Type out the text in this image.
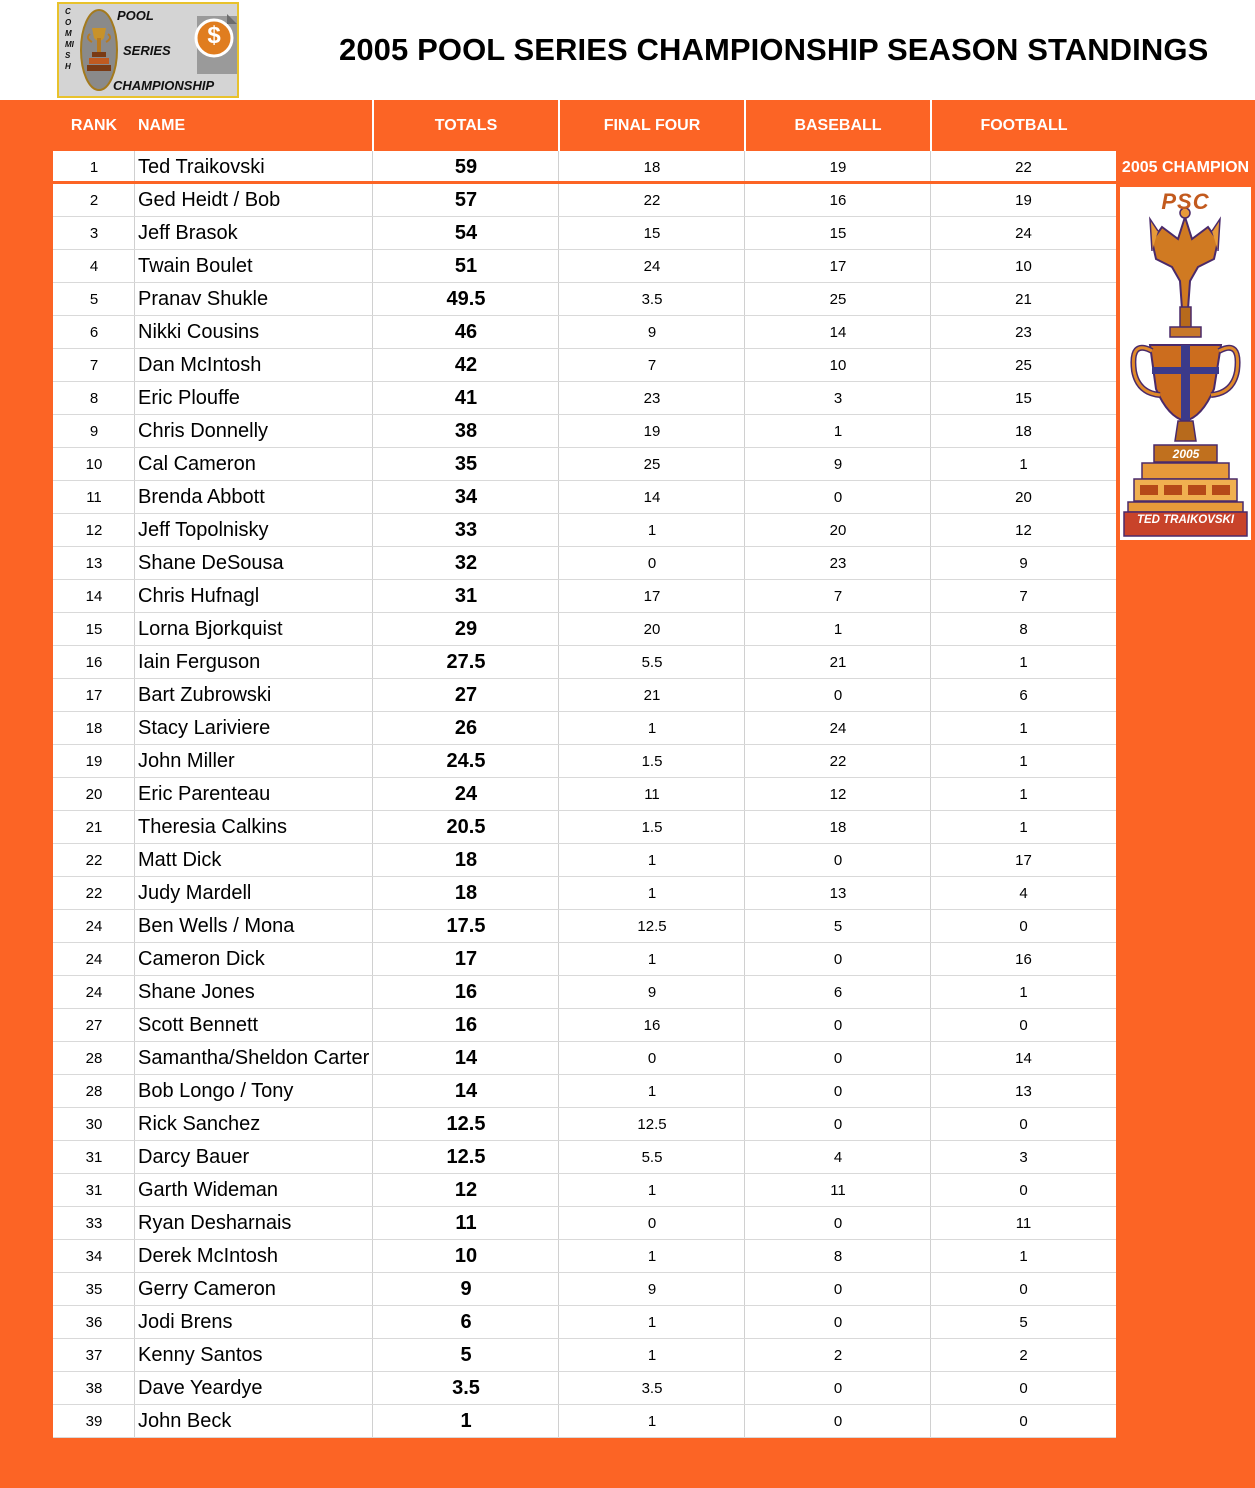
COMMISH
POOL
SERIES
CHAMPIONSHIP
$	2005 POOL SERIES CHAMPIONSHIP SEASON STANDINGS
RANK	NAME	TOTALS	FINAL FOUR	BASEBALL	FOOTBALL
1	Ted Traikovski	59	18	19	22
2	Ged Heidt / Bob	57	22	16	19
3	Jeff Brasok	54	15	15	24
4	Twain Boulet	51	24	17	10
5	Pranav Shukle	49.5	3.5	25	21
6	Nikki Cousins	46	9	14	23
7	Dan McIntosh	42	7	10	25
8	Eric Plouffe	41	23	3	15
9	Chris Donnelly	38	19	1	18
10	Cal Cameron	35	25	9	1
11	Brenda Abbott	34	14	0	20
12	Jeff Topolnisky	33	1	20	12
13	Shane DeSousa	32	0	23	9
14	Chris Hufnagl	31	17	7	7
15	Lorna Bjorkquist	29	20	1	8
16	Iain Ferguson	27.5	5.5	21	1
17	Bart Zubrowski	27	21	0	6
18	Stacy Lariviere	26	1	24	1
19	John Miller	24.5	1.5	22	1
20	Eric Parenteau	24	11	12	1
21	Theresia Calkins	20.5	1.5	18	1
22	Matt Dick	18	1	0	17
22	Judy Mardell	18	1	13	4
24	Ben Wells / Mona	17.5	12.5	5	0
24	Cameron Dick	17	1	0	16
24	Shane Jones	16	9	6	1
27	Scott Bennett	16	16	0	0
28	Samantha/Sheldon Carter	14	0	0	14
28	Bob Longo / Tony	14	1	0	13
30	Rick Sanchez	12.5	12.5	0	0
31	Darcy Bauer	12.5	5.5	4	3
31	Garth Wideman	12	1	11	0
33	Ryan Desharnais	11	0	0	11
34	Derek McIntosh	10	1	8	1
35	Gerry Cameron	9	9	0	0
36	Jodi Brens	6	1	0	5
37	Kenny Santos	5	1	2	2
38	Dave Yeardye	3.5	3.5	0	0
39	John Beck	1	1	0	0
2005 CHAMPION
PSC
2005
TED TRAIKOVSKI
